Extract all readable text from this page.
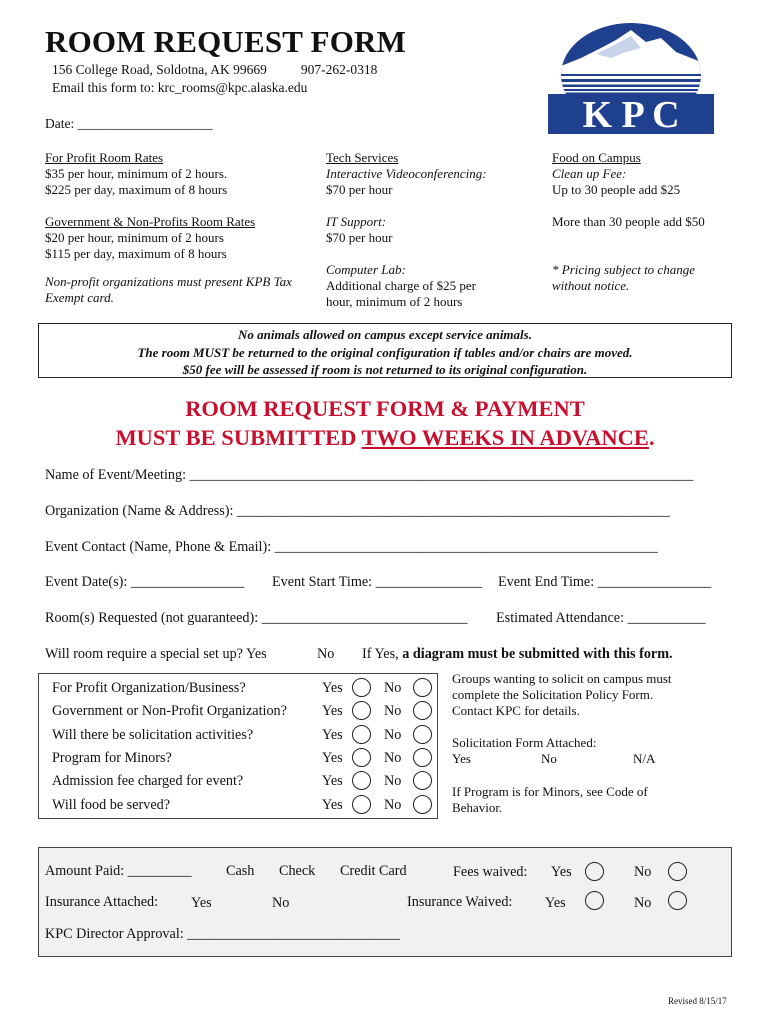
ROOM REQUEST FORM
156 College Road, Soldotna, AK 99669	907-262-0318
Email this form to: krc_rooms@kpc.alaska.edu
Date: ____________________	K P C
For Profit Room Rates
$35 per hour, minimum of 2 hours.
$225 per day, maximum of 8 hours
Government & Non-Profits Room Rates
$20 per hour, minimum of 2 hours
$115 per day, maximum of 8 hours
Non-profit organizations must present KPB Tax
Exempt card.
Tech Services
Interactive Videoconferencing:
$70 per hour
IT Support:
$70 per hour
Computer Lab:
Additional charge of $25 per
hour, minimum of 2 hours
Food on Campus
Clean up Fee:
Up to 30 people add $25
More than 30 people add $50
* Pricing subject to change
without notice.
No animals allowed on campus except service animals.
The room MUST be returned to the original configuration if tables and/or chairs are moved.
$50 fee will be assessed if room is not returned to its original configuration.
ROOM REQUEST FORM & PAYMENT
MUST BE SUBMITTED TWO WEEKS IN ADVANCE.
Name of Event/Meeting: _______________________________________________________________________
Organization (Name & Address): _____________________________________________________________
Event Contact (Name, Phone & Email): ______________________________________________________
Event Date(s): ________________ Event Start Time: _______________ Event End Time: ________________
Room(s) Requested (not guaranteed): _____________________________ Estimated Attendance: ___________
Will room require a special set up? Yes	No If Yes, a diagram must be submitted with this form.
For Profit Organization/Business?	Yes	No
Government or Non-Profit Organization? Yes	No
Will there be solicitation activities?	Yes	No
Program for Minors?	Yes	No
Admission fee charged for event?	Yes	No
Will food be served?	Yes	No
Groups wanting to solicit on campus must
complete the Solicitation Policy Form.
Contact KPC for details.
Solicitation Form Attached:
Yes	No	N/A
If Program is for Minors, see Code of
Behavior.
Amount Paid: _________ Cash Check Credit Card	Fees waived: Yes	No
Insurance Attached: Yes	No	Insurance Waived: Yes	No
KPC Director Approval: ______________________________
Revised 8/15/17
